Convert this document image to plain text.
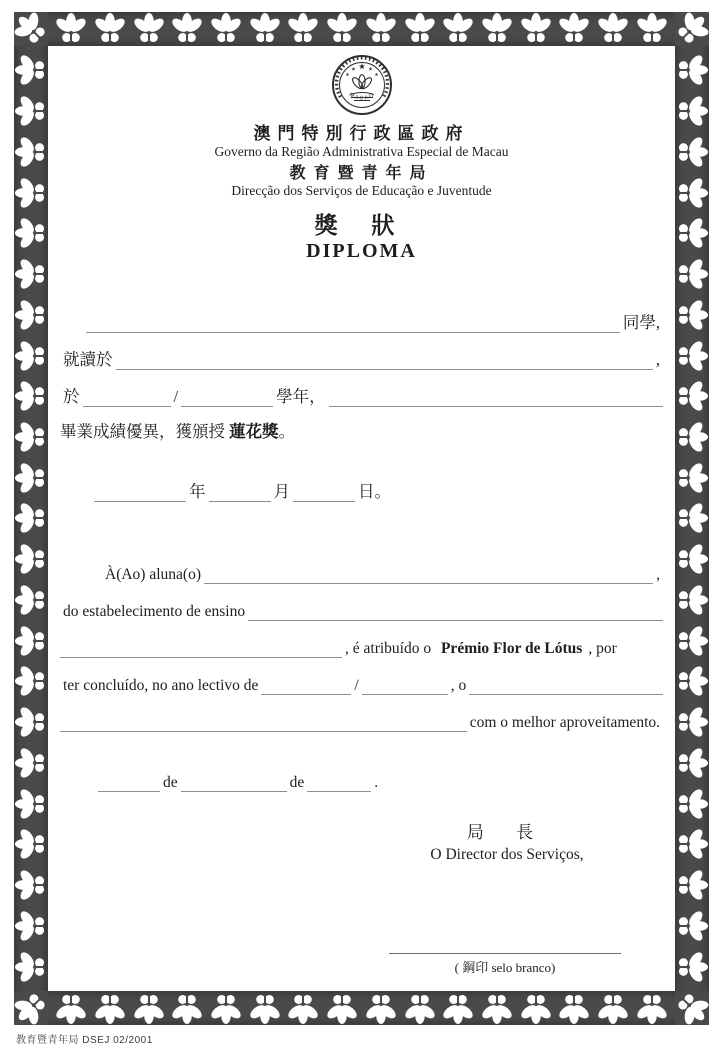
MACAO
澳門特別行政區政府
Governo da Região Administrativa Especial de Macau
教育暨青年局
Direcção dos Serviços de Educação e Juventude
獎 狀
DIPLOMA
同學,
就讀於	,
於	/	學年，
畢業成績優異，獲頒授 蓮花獎。
年	月	日。
À(Ao) aluna(o)	,
do estabelecimento de ensino
, é atribuído o Prémio Flor de Lótus , por
ter concluído, no ano lectivo de	/	, o
com o melhor aproveitamento.
de	de	.
局 長
O Director dos Serviços,
( 鋼印 selo branco)
教育暨青年局 DSEJ 02/2001
